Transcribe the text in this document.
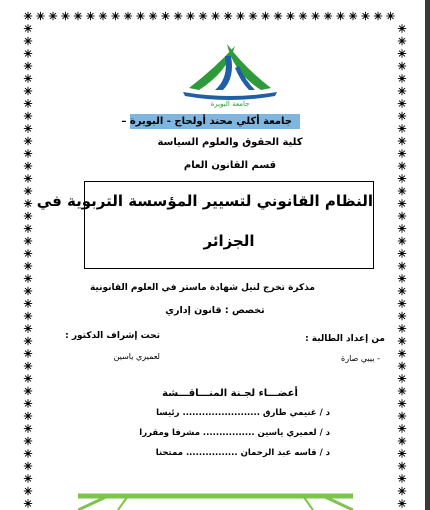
جامعة البويرة
جامعة أكلي محند أولحاج - البويرة –
كلية الحقوق والعلوم السياسة
قسم القانون العام
النظام القانوني لتسيير المؤسسة التربوية في
الجزائر
مذكرة تخرج لنيل شهادة ماستر في العلوم القانونية
تخصص : قانون إداري
من إعداد الطالبة :
تحت إشراف الدكتور :
- بيبي صارة
لعميري ياسين
أعضـــاء لجـنة المنـــاقـــشة
د / غنيمي طارق ........................ رئيسا
د / لعميري ياسين ................ مشرفا ومقررا
د / قاسه عبد الرحمان ................ ممتحنا
